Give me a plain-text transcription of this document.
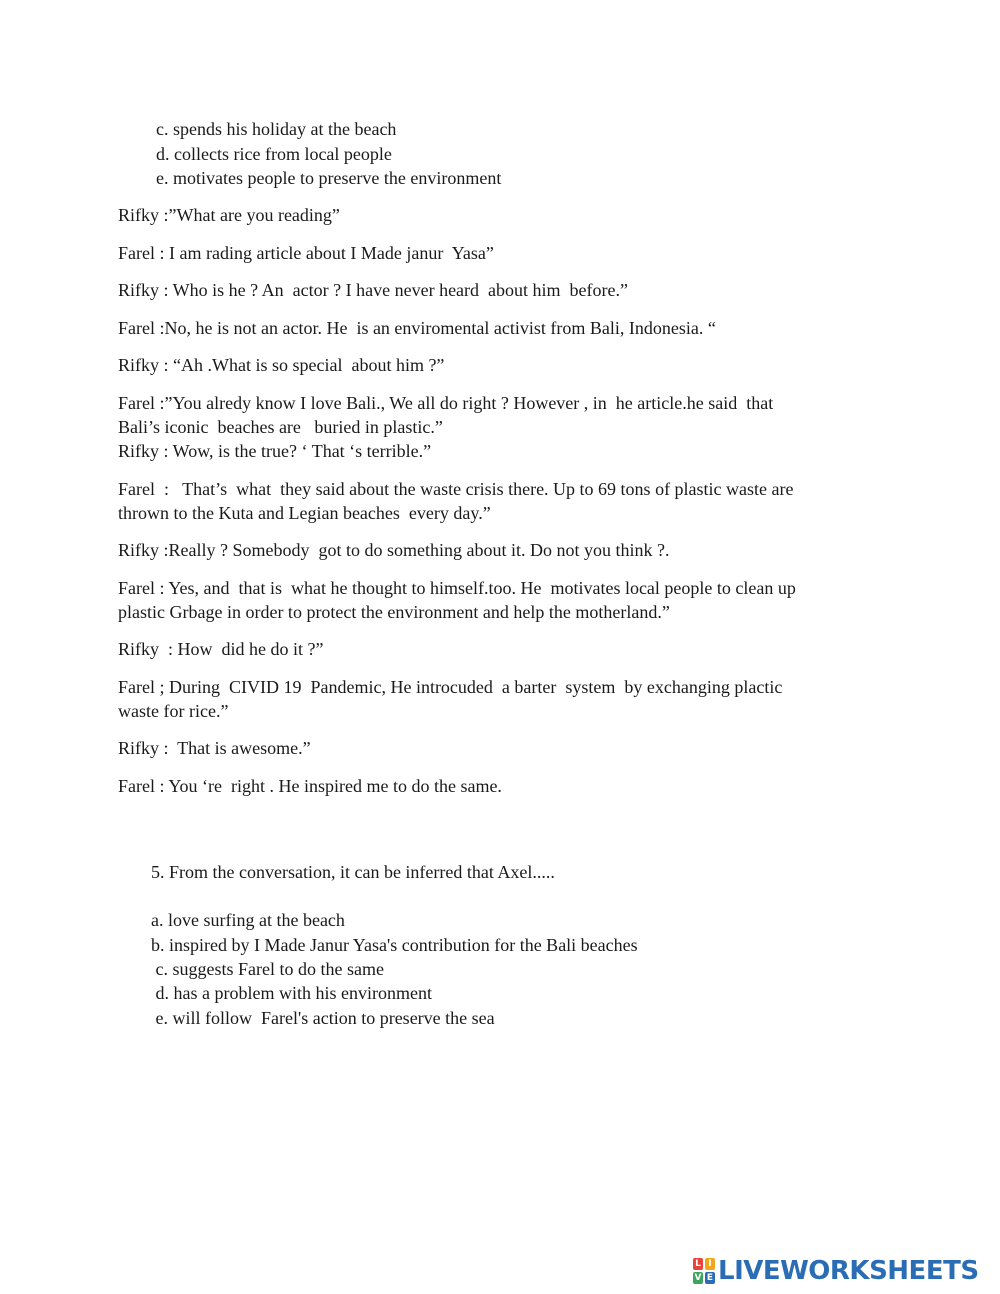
c. spends his holiday at the beach
d. collects rice from local people
e. motivates people to preserve the environment
Rifky :”What are you reading”
Farel : I am rading article about I Made janur  Yasa”
Rifky : Who is he ? An  actor ? I have never heard  about him  before.”
Farel :No, he is not an actor. He  is an enviromental activist from Bali, Indonesia. “
Rifky : “Ah .What is so special  about him ?”
Farel :”You alredy know I love Bali., We all do right ? However , in  he article.he said  that
Bali’s iconic  beaches are   buried in plastic.”
Rifky : Wow, is the true? ‘ That ‘s terrible.”
Farel  :   That’s  what  they said about the waste crisis there. Up to 69 tons of plastic waste are
thrown to the Kuta and Legian beaches  every day.”
Rifky :Really ? Somebody  got to do something about it. Do not you think ?.
Farel : Yes, and  that is  what he thought to himself.too. He  motivates local people to clean up
plastic Grbage in order to protect the environment and help the motherland.”
Rifky  : How  did he do it ?”
Farel ; During  CIVID 19  Pandemic, He introcuded  a barter  system  by exchanging plactic
waste for rice.”
Rifky :  That is awesome.”
Farel : You ‘re  right . He inspired me to do the same.
5. From the conversation, it can be inferred that Axel.....
a. love surfing at the beach
b. inspired by I Made Janur Yasa's contribution for the Bali beaches
c. suggests Farel to do the same
d. has a problem with his environment
e. will follow  Farel's action to preserve the sea
L I
V E LIVEWORKSHEETS
